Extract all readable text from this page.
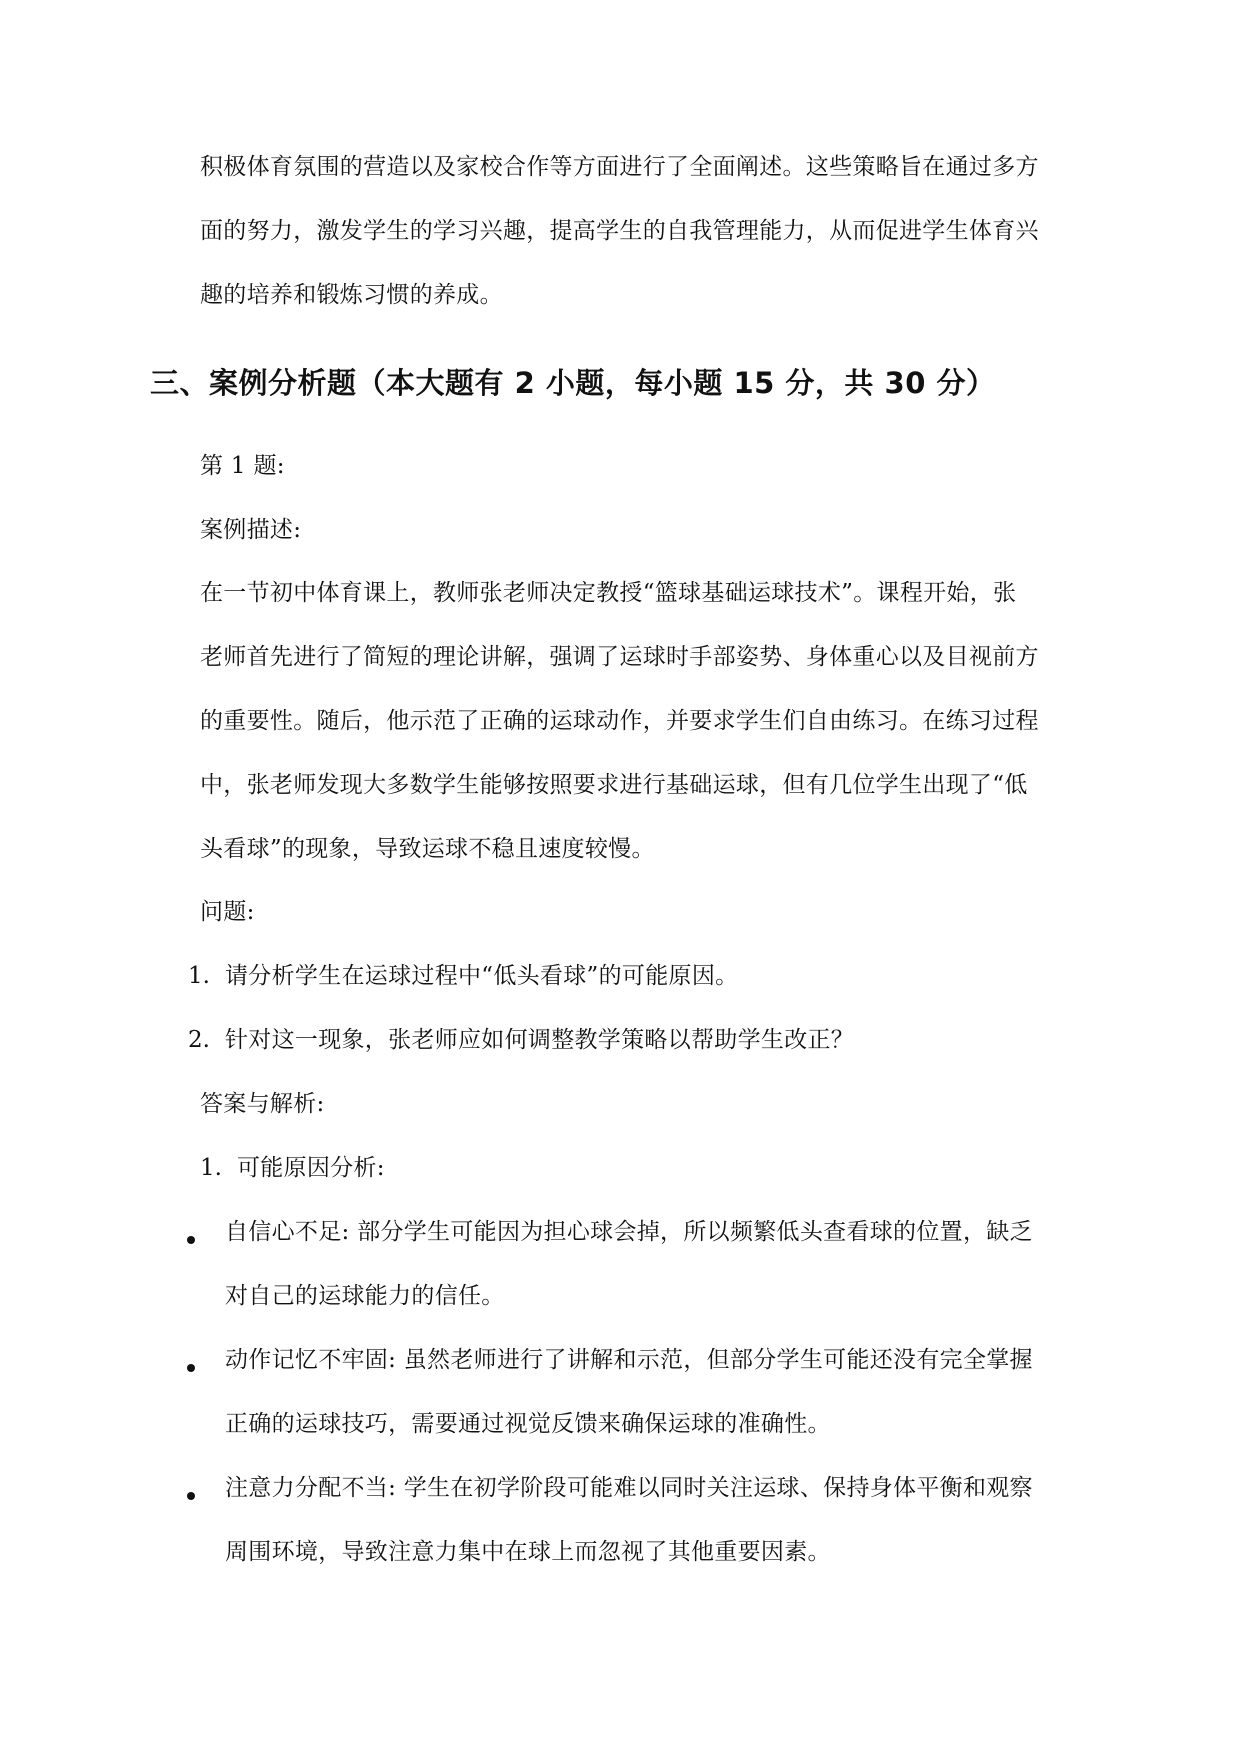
积极体育氛围的营造以及家校合作等方面进行了全面阐述。这些策略旨在通过多方
面的努力，激发学生的学习兴趣，提高学生的自我管理能力，从而促进学生体育兴
趣的培养和锻炼习惯的养成。
三、案例分析题（本大题有 2 小题，每小题 15 分，共 30 分）
第 1 题:
案例描述:
在一节初中体育课上，教师张老师决定教授“篮球基础运球技术”。课程开始，张
老师首先进行了简短的理论讲解，强调了运球时手部姿势、身体重心以及目视前方
的重要性。随后，他示范了正确的运球动作，并要求学生们自由练习。在练习过程
中，张老师发现大多数学生能够按照要求进行基础运球，但有几位学生出现了“低
头看球”的现象，导致运球不稳且速度较慢。
问题:
1. 请分析学生在运球过程中“低头看球”的可能原因。
2. 针对这一现象，张老师应如何调整教学策略以帮助学生改正？
答案与解析:
1. 可能原因分析:
自信心不足: 部分学生可能因为担心球会掉，所以频繁低头查看球的位置，缺乏
对自己的运球能力的信任。
动作记忆不牢固: 虽然老师进行了讲解和示范，但部分学生可能还没有完全掌握
正确的运球技巧，需要通过视觉反馈来确保运球的准确性。
注意力分配不当: 学生在初学阶段可能难以同时关注运球、保持身体平衡和观察
周围环境，导致注意力集中在球上而忽视了其他重要因素。
